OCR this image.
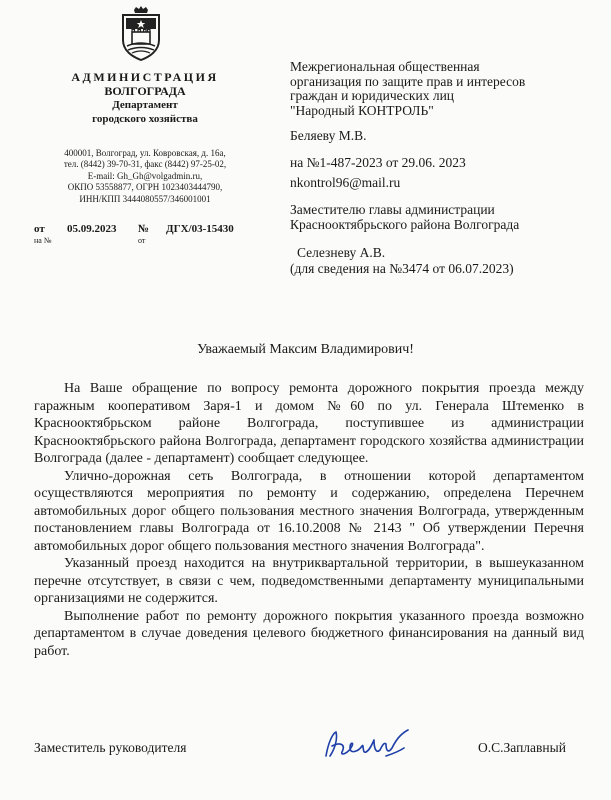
АДМИНИСТРАЦИЯ
ВОЛГОГРАДА
Департамент
городского хозяйства
400001, Волгоград, ул. Ковровская, д. 16а,
тел. (8442) 39-70-31, факс (8442) 97-25-02,
E-mail: Gh_Gh@volgadmin.ru,
ОКПО 53558877, ОГРН 1023403444790,
ИНН/КПП 3444080557/346001001
от 05.09.2023 № ДГХ/03-15430
на №	от
Межрегиональная общественная
организация по защите прав и интересов
граждан и юридических лиц
"Народный КОНТРОЛЬ"
Беляеву М.В.
на №1-487-2023 от 29.06. 2023
nkontrol96@mail.ru
Заместителю главы администрации
Краснооктябрьского района Волгограда
Селезневу А.В.
(для сведения на №3474 от 06.07.2023)
Уважаемый Максим Владимирович!

На Ваше обращение по вопросу ремонта дорожного покрытия проезда между гаражным кооперативом Заря-1 и домом №60 по ул. Генерала Штеменко в Краснооктябрьском районе Волгограда, поступившее из администрации Краснооктябрьского района Волгограда, департамент городского хозяйства администрации Волгограда (далее - департамент) сообщает следующее.

Улично-дорожная сеть Волгограда, в отношении которой департаментом осуществляются мероприятия по ремонту и содержанию, определена Перечнем автомобильных дорог общего пользования местного значения Волгограда, утвержденным постановлением главы Волгограда от 16.10.2008 № 2143 " Об утверждении Перечня автомобильных дорог общего пользования местного значения Волгограда".

Указанный проезд находится на внутриквартальной территории, в вышеуказанном перечне отсутствует, в связи с чем, подведомственными департаменту муниципальными организациями не содержится.

Выполнение работ по ремонту дорожного покрытия указанного проезда возможно департаментом в случае доведения целевого бюджетного финансирования на данный вид работ.

Заместитель руководителя	О.С.Заплавный
